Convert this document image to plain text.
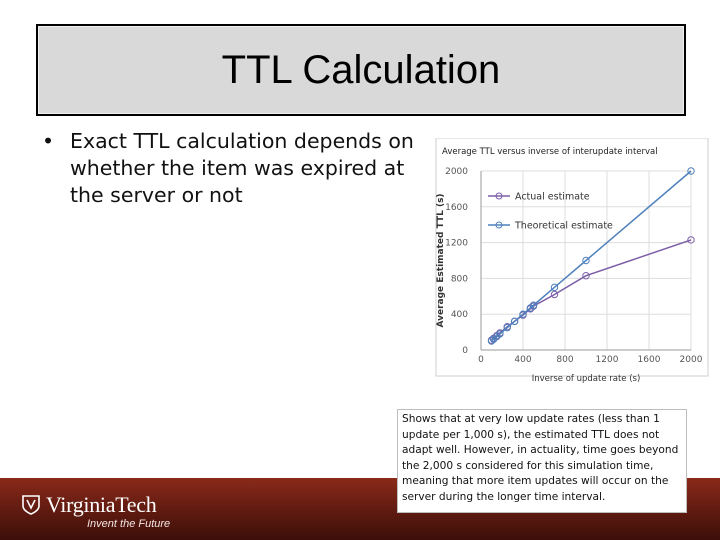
TTL Calculation
• Exact TTL calculation depends on whether the item was expired at the server or not
Average TTL versus inverse of interupdate interval
0	400	800 1200 1600 2000
0
400
800
1200
1600
2000
Inverse of update rate (s)
Average Estimated TTL (s)	Actual estimate
Theoretical estimate
VirginiaTech
Invent the Future
Shows that at very low update rates (less than 1 update per 1,000 s), the estimated TTL does not adapt well. However, in actuality, time goes beyond the 2,000 s considered for this simulation time, meaning that more item updates will occur on the server during the longer time interval.
